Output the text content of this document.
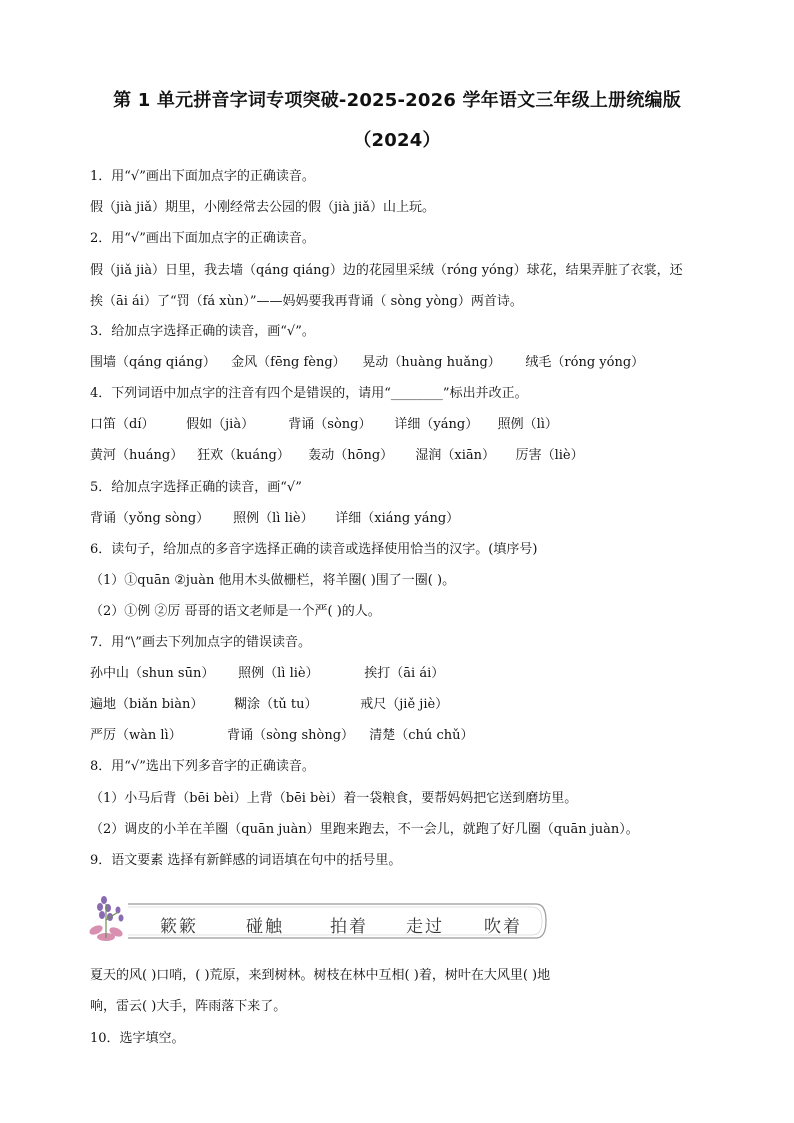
第 1 单元拼音字词专项突破-2025-2026 学年语文三年级上册统编版
（2024）
1．用“√”画出下面加点字的正确读音。
假（jià jiǎ）期里，小刚经常去公园的假（jià jiǎ）山上玩。
2．用“√”画出下面加点字的正确读音。
假（jiǎ jià）日里，我去墙（qáng qiáng）边的花园里采绒（róng yóng）球花，结果弄脏了衣裳，还
挨（āi ái）了“罚（fá xùn）”——妈妈要我再背诵（ sòng yòng）两首诗。
3．给加点字选择正确的读音，画“√”。
围墙（qáng qiáng） 金风（fēng fèng） 晃动（huàng huǎng） 绒毛（róng yóng）
4．下列词语中加点字的注音有四个是错误的，请用“________”标出并改正。
口笛（dí） 假如（jià）	背诵（sòng） 详细（yáng） 照例（lì）
黄河（huáng） 狂欢（kuáng） 轰动（hōng） 湿润（xiān） 厉害（liè）
5．给加点字选择正确的读音，画“√”
背诵（yǒng sòng） 照例（lì liè） 详细（xiáng yáng）
6．读句子，给加点的多音字选择正确的读音或选择使用恰当的汉字。(填序号)
（1）①quān ②juàn 他用木头做栅栏，将羊圈( )围了一圈( )。
（2）①例 ②厉 哥哥的语文老师是一个严( )的人。
7．用“\”画去下列加点字的错误读音。
孙中山（shun sūn） 照例（lì liè）	挨打（āi ái）
遍地（biǎn biàn） 糊涂（tǔ tu）	戒尺（jiě jiè）
严厉（wàn lì）	背诵（sòng shòng） 清楚（chú chǔ）
8．用“√”选出下列多音字的正确读音。
（1）小马后背（bēi bèi）上背（bēi bèi）着一袋粮食，要帮妈妈把它送到磨坊里。
（2）调皮的小羊在羊圈（quān juàn）里跑来跑去，不一会儿，就跑了好几圈（quān juàn）。
9．语文要素 选择有新鲜感的词语填在句中的括号里。
簌簌	碰触	拍着 走过 吹着
夏天的风( )口哨，( )荒原，来到树林。树枝在林中互相( )着，树叶在大风里( )地
响，雷云( )大手，阵雨落下来了。
10．选字填空。
